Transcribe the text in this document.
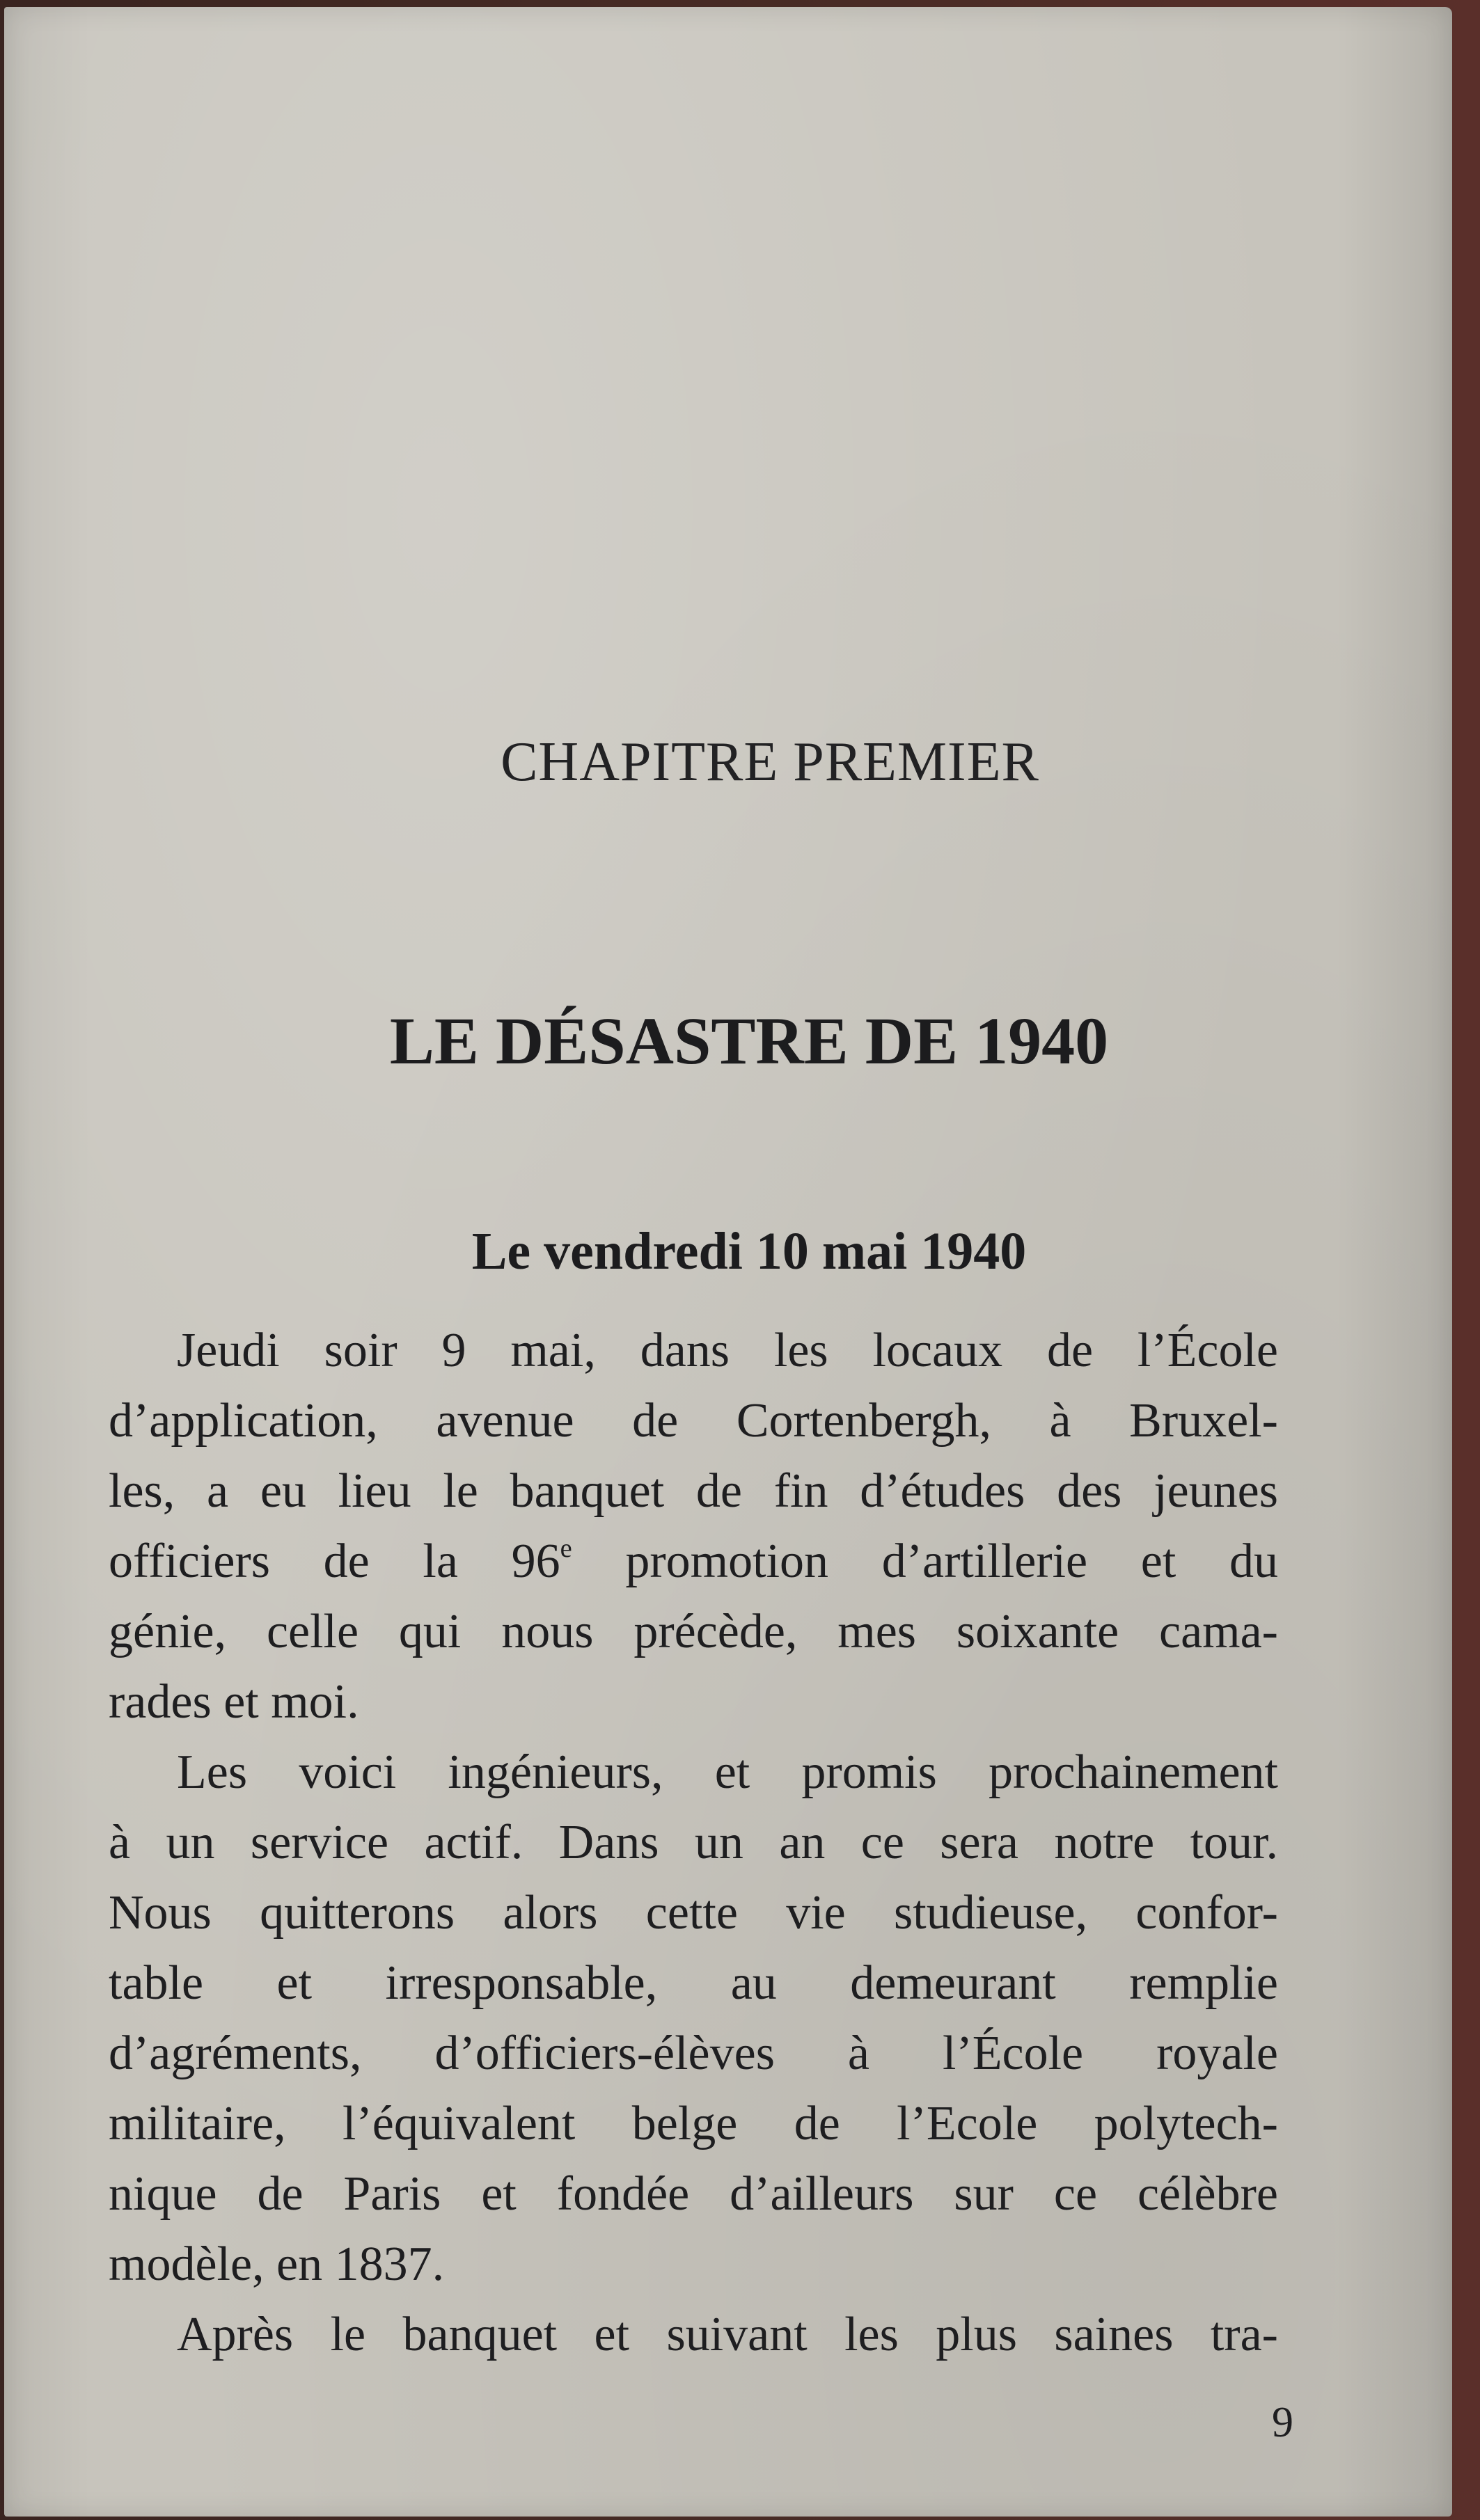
CHAPITRE PREMIER
LE DÉSASTRE DE 1940
Le vendredi 10 mai 1940
Jeudi soir 9 mai, dans les locaux de l’École
d’application, avenue de Cortenbergh, à Bruxel-
les, a eu lieu le banquet de fin d’études des jeunes
officiers de la 96e promotion d’artillerie et du
génie, celle qui nous précède, mes soixante cama-
rades et moi.
Les voici ingénieurs, et promis prochainement
à un service actif. Dans un an ce sera notre tour.
Nous quitterons alors cette vie studieuse, confor-
table et irresponsable, au demeurant remplie
d’agréments, d’officiers-élèves à l’École royale
militaire, l’équivalent belge de l’Ecole polytech-
nique de Paris et fondée d’ailleurs sur ce célèbre
modèle, en 1837.
Après le banquet et suivant les plus saines tra-
9
